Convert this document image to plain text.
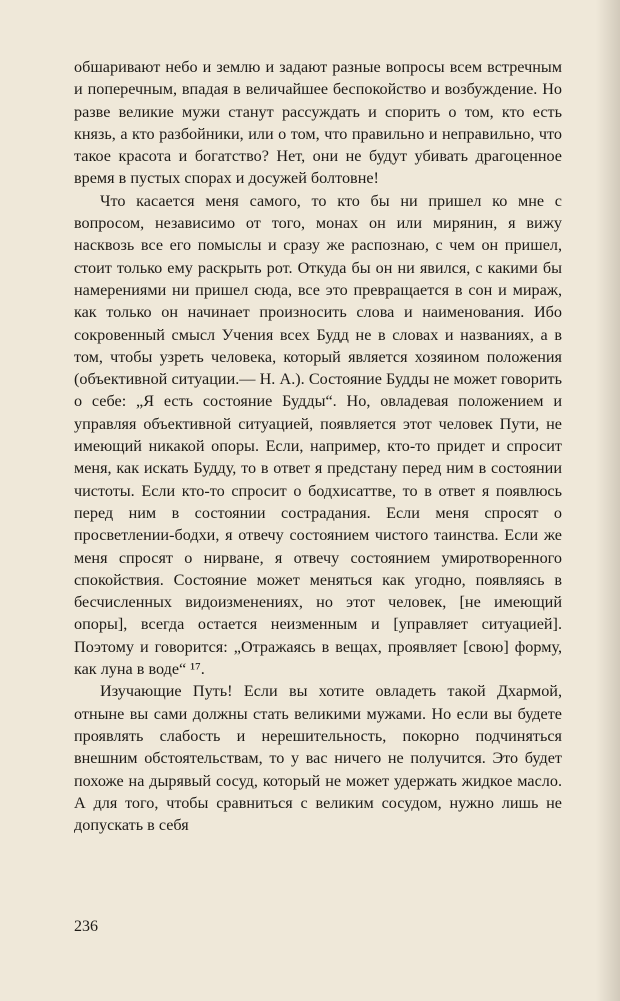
обшаривают небо и землю и задают разные вопросы всем встречным и поперечным, впадая в величайшее беспокойство и возбуждение. Но разве великие мужи станут рассуждать и спорить о том, кто есть князь, а кто разбойники, или о том, что правильно и неправильно, что такое красота и богатство? Нет, они не будут убивать драгоценное время в пустых спорах и досужей болтовне!

Что касается меня самого, то кто бы ни пришел ко мне с вопросом, независимо от того, монах он или мирянин, я вижу насквозь все его помыслы и сразу же распознаю, с чем он пришел, стоит только ему раскрыть рот. Откуда бы он ни явился, с какими бы намерениями ни пришел сюда, все это превращается в сон и мираж, как только он начинает произносить слова и наименования. Ибо сокровенный смысл Учения всех Будд не в словах и названиях, а в том, чтобы узреть человека, который является хозяином положения (объективной ситуации.— Н. А.). Состояние Будды не может говорить о себе: „Я есть состояние Будды“. Но, овладевая положением и управляя объективной ситуацией, появляется этот человек Пути, не имеющий никакой опоры. Если, например, кто-то придет и спросит меня, как искать Будду, то в ответ я предстану перед ним в состоянии чистоты. Если кто-то спросит о бодхисаттве, то в ответ я появлюсь перед ним в состоянии сострадания. Если меня спросят о просветлении-бодхи, я отвечу состоянием чистого таинства. Если же меня спросят о нирване, я отвечу состоянием умиротворенного спокойствия. Состояние может меняться как угодно, появляясь в бесчисленных видоизменениях, но этот человек, [не имеющий опоры], всегда остается неизменным и [управляет ситуацией]. Поэтому и говорится: „Отражаясь в вещах, проявляет [свою] форму, как луна в воде“ ¹⁷.

Изучающие Путь! Если вы хотите овладеть такой Дхармой, отныне вы сами должны стать великими мужами. Но если вы будете проявлять слабость и нерешительность, покорно подчиняться внешним обстоятельствам, то у вас ничего не получится. Это будет похоже на дырявый сосуд, который не может удержать жидкое масло. А для того, чтобы сравниться с великим сосудом, нужно лишь не допускать в себя

236
